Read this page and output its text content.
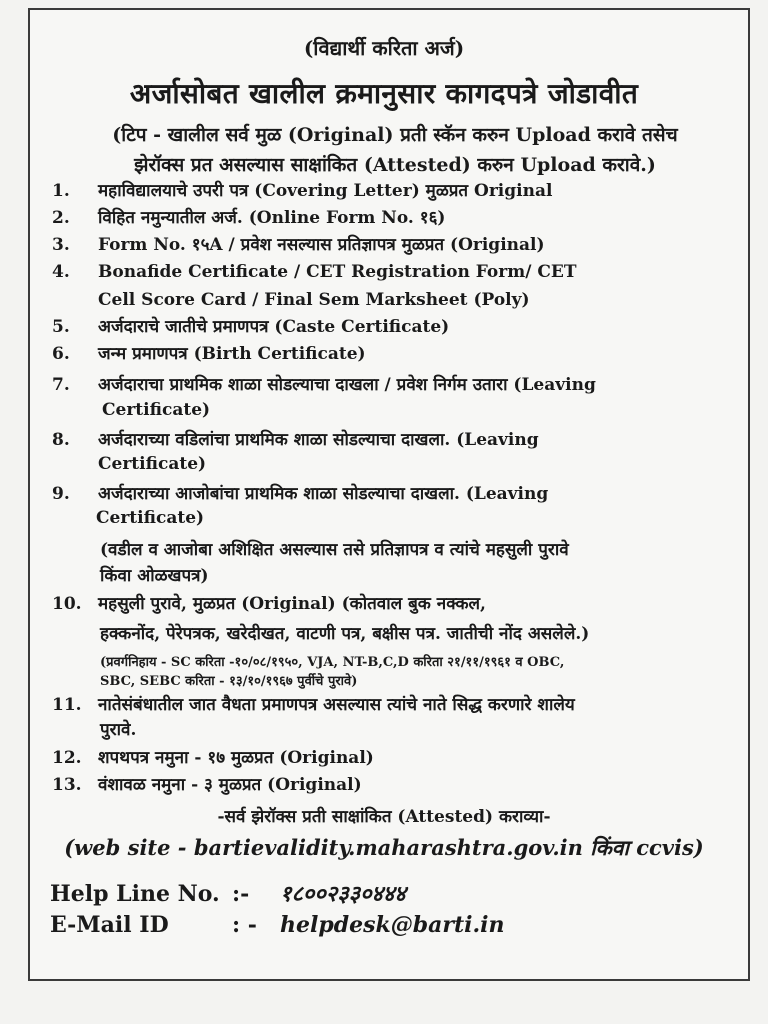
(विद्यार्थी करिता अर्ज)
अर्जासोबत खालील क्रमानुसार कागदपत्रे जोडावीत
(टिप - खालील सर्व मुळ (Original) प्रती स्कॅन करुन Upload करावे तसेच
झेरॉक्स प्रत असल्यास साक्षांकित (Attested) करुन Upload करावे.)
1. महाविद्यालयाचे उपरी पत्र (Covering Letter) मुळप्रत Original
2. विहित नमुन्यातील अर्ज. (Online Form No. १६)
3. Form No. १५A / प्रवेश नसल्यास प्रतिज्ञापत्र मुळप्रत (Original)
4. Bonafide Certificate / CET Registration Form/ CET
Cell Score Card / Final Sem Marksheet (Poly)
5. अर्जदाराचे जातीचे प्रमाणपत्र (Caste Certificate)
6. जन्म प्रमाणपत्र (Birth Certificate)
7. अर्जदाराचा प्राथमिक शाळा सोडल्याचा दाखला / प्रवेश निर्गम उतारा (Leaving
Certificate)
8. अर्जदाराच्या वडिलांचा प्राथमिक शाळा सोडल्याचा दाखला. (Leaving
Certificate)
9. अर्जदाराच्या आजोबांचा प्राथमिक शाळा सोडल्याचा दाखला. (Leaving
Certificate)
(वडील व आजोबा अशिक्षित असल्यास तसे प्रतिज्ञापत्र व त्यांचे महसुली पुरावे
किंवा ओळखपत्र)
10. महसुली पुरावे, मुळप्रत (Original) (कोतवाल बुक नक्कल,
हक्कनोंद, पेरेपत्रक, खरेदीखत, वाटणी पत्र, बक्षीस पत्र. जातीची नोंद असलेले.)
(प्रवर्गनिहाय - SC करिता -१०/०८/१९५०, VJA, NT-B,C,D करिता २१/११/१९६१ व OBC,
SBC, SEBC करिता - १३/१०/१९६७ पुर्वीचे पुरावे)
11. नातेसंबंधातील जात वैधता प्रमाणपत्र असल्यास त्यांचे नाते सिद्ध करणारे शालेय
पुरावे.
12. शपथपत्र नमुना - १७ मुळप्रत (Original)
13. वंशावळ नमुना - ३ मुळप्रत (Original)
-सर्व झेरॉक्स प्रती साक्षांकित (Attested) कराव्या-
(web site - bartievalidity.maharashtra.gov.in किंवा ccvis)
Help Line No. :- १८००२३३०४४४
E-Mail ID	: - helpdesk@barti.in
